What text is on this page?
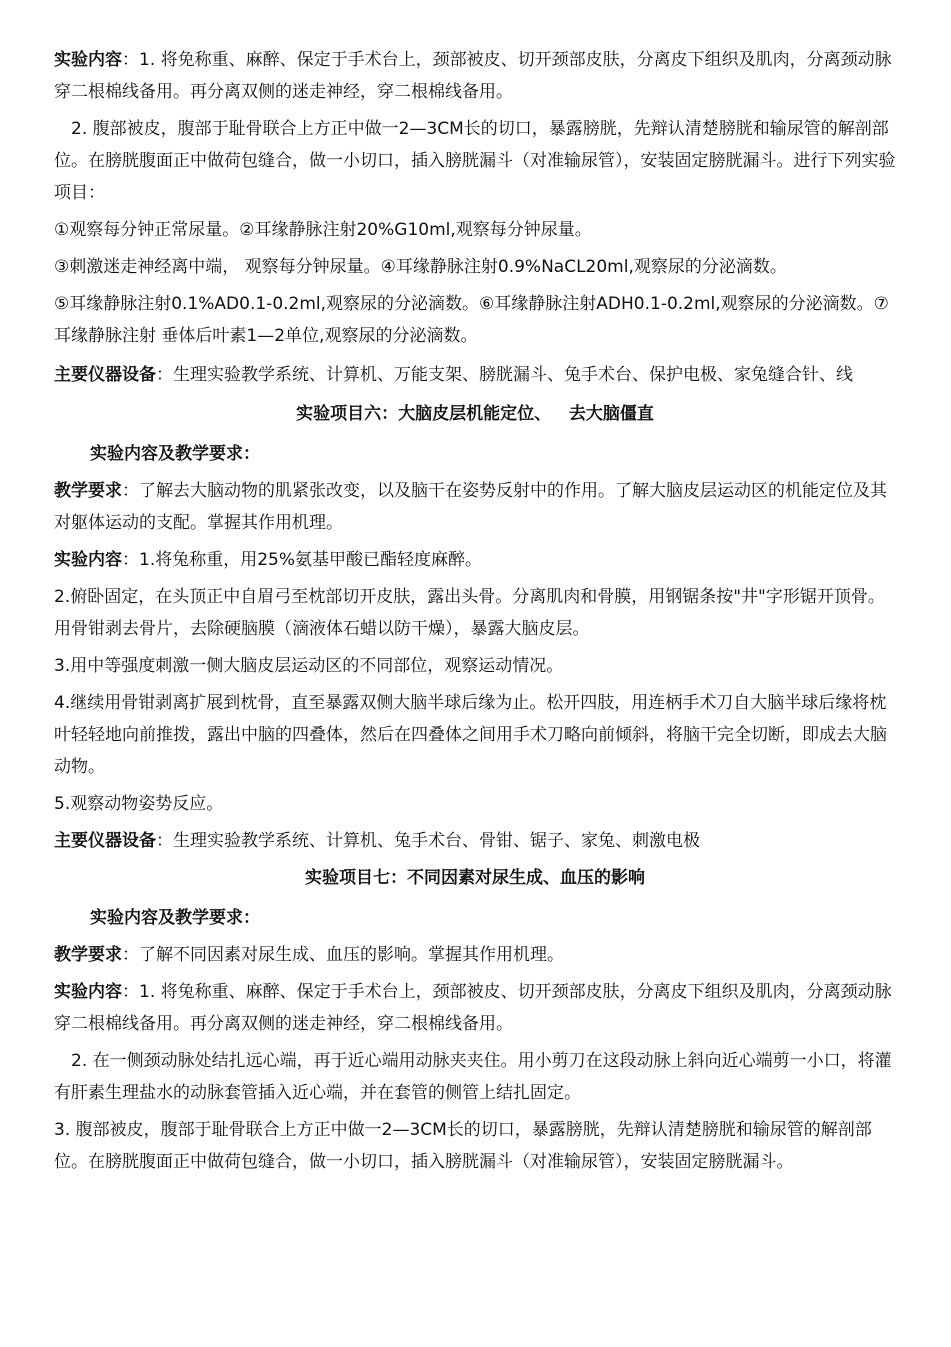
实验内容：1. 将免称重、麻醉、保定于手术台上，颈部被皮、切开颈部皮肤，分离皮下组织及肌肉，分离颈动脉穿二根棉线备用。再分离双侧的迷走神经，穿二根棉线备用。

2. 腹部被皮，腹部于耻骨联合上方正中做一2—3CM长的切口，暴露膀胱，先辩认清楚膀胱和输尿管的解剖部位。在膀胱腹面正中做荷包缝合，做一小切口，插入膀胱漏斗（对准输尿管），安装固定膀胱漏斗。进行下列实验项目：

①观察每分钟正常尿量。②耳缘静脉注射20%G10ml,观察每分钟尿量。

③刺激迷走神经离中端， 观察每分钟尿量。④耳缘静脉注射0.9%NaCL20ml,观察尿的分泌滴数。

⑤耳缘静脉注射0.1%AD0.1-0.2ml,观察尿的分泌滴数。⑥耳缘静脉注射ADH0.1-0.2ml,观察尿的分泌滴数。⑦耳缘静脉注射 垂体后叶素1—2单位,观察尿的分泌滴数。

主要仪器设备：生理实验教学系统、计算机、万能支架、膀胱漏斗、兔手术台、保护电极、家兔缝合针、线

实验项目六：大脑皮层机能定位、   去大脑僵直

实验内容及教学要求：

教学要求：了解去大脑动物的肌紧张改变，以及脑干在姿势反射中的作用。了解大脑皮层运动区的机能定位及其对躯体运动的支配。掌握其作用机理。

实验内容：1.将兔称重，用25%氨基甲酸已酯轻度麻醉。

2.俯卧固定，在头顶正中自眉弓至枕部切开皮肤，露出头骨。分离肌肉和骨膜，用钢锯条按"井"字形锯开顶骨。用骨钳剥去骨片，去除硬脑膜（滴液体石蜡以防干燥），暴露大脑皮层。

3.用中等强度刺激一侧大脑皮层运动区的不同部位，观察运动情况。

4.继续用骨钳剥离扩展到枕骨，直至暴露双侧大脑半球后缘为止。松开四肢，用连柄手术刀自大脑半球后缘将枕叶轻轻地向前推拨，露出中脑的四叠体，然后在四叠体之间用手术刀略向前倾斜，将脑干完全切断，即成去大脑动物。

5.观察动物姿势反应。

主要仪器设备：生理实验教学系统、计算机、兔手术台、骨钳、锯子、家兔、刺激电极

实验项目七：不同因素对尿生成、血压的影响

实验内容及教学要求：

教学要求：了解不同因素对尿生成、血压的影响。掌握其作用机理。

实验内容：1. 将兔称重、麻醉、保定于手术台上，颈部被皮、切开颈部皮肤，分离皮下组织及肌肉，分离颈动脉穿二根棉线备用。再分离双侧的迷走神经，穿二根棉线备用。

2. 在一侧颈动脉处结扎远心端，再于近心端用动脉夹夹住。用小剪刀在这段动脉上斜向近心端剪一小口，将灌有肝素生理盐水的动脉套管插入近心端，并在套管的侧管上结扎固定。

3. 腹部被皮，腹部于耻骨联合上方正中做一2—3CM长的切口，暴露膀胱，先辩认清楚膀胱和输尿管的解剖部位。在膀胱腹面正中做荷包缝合，做一小切口，插入膀胱漏斗（对准输尿管），安装固定膀胱漏斗。
